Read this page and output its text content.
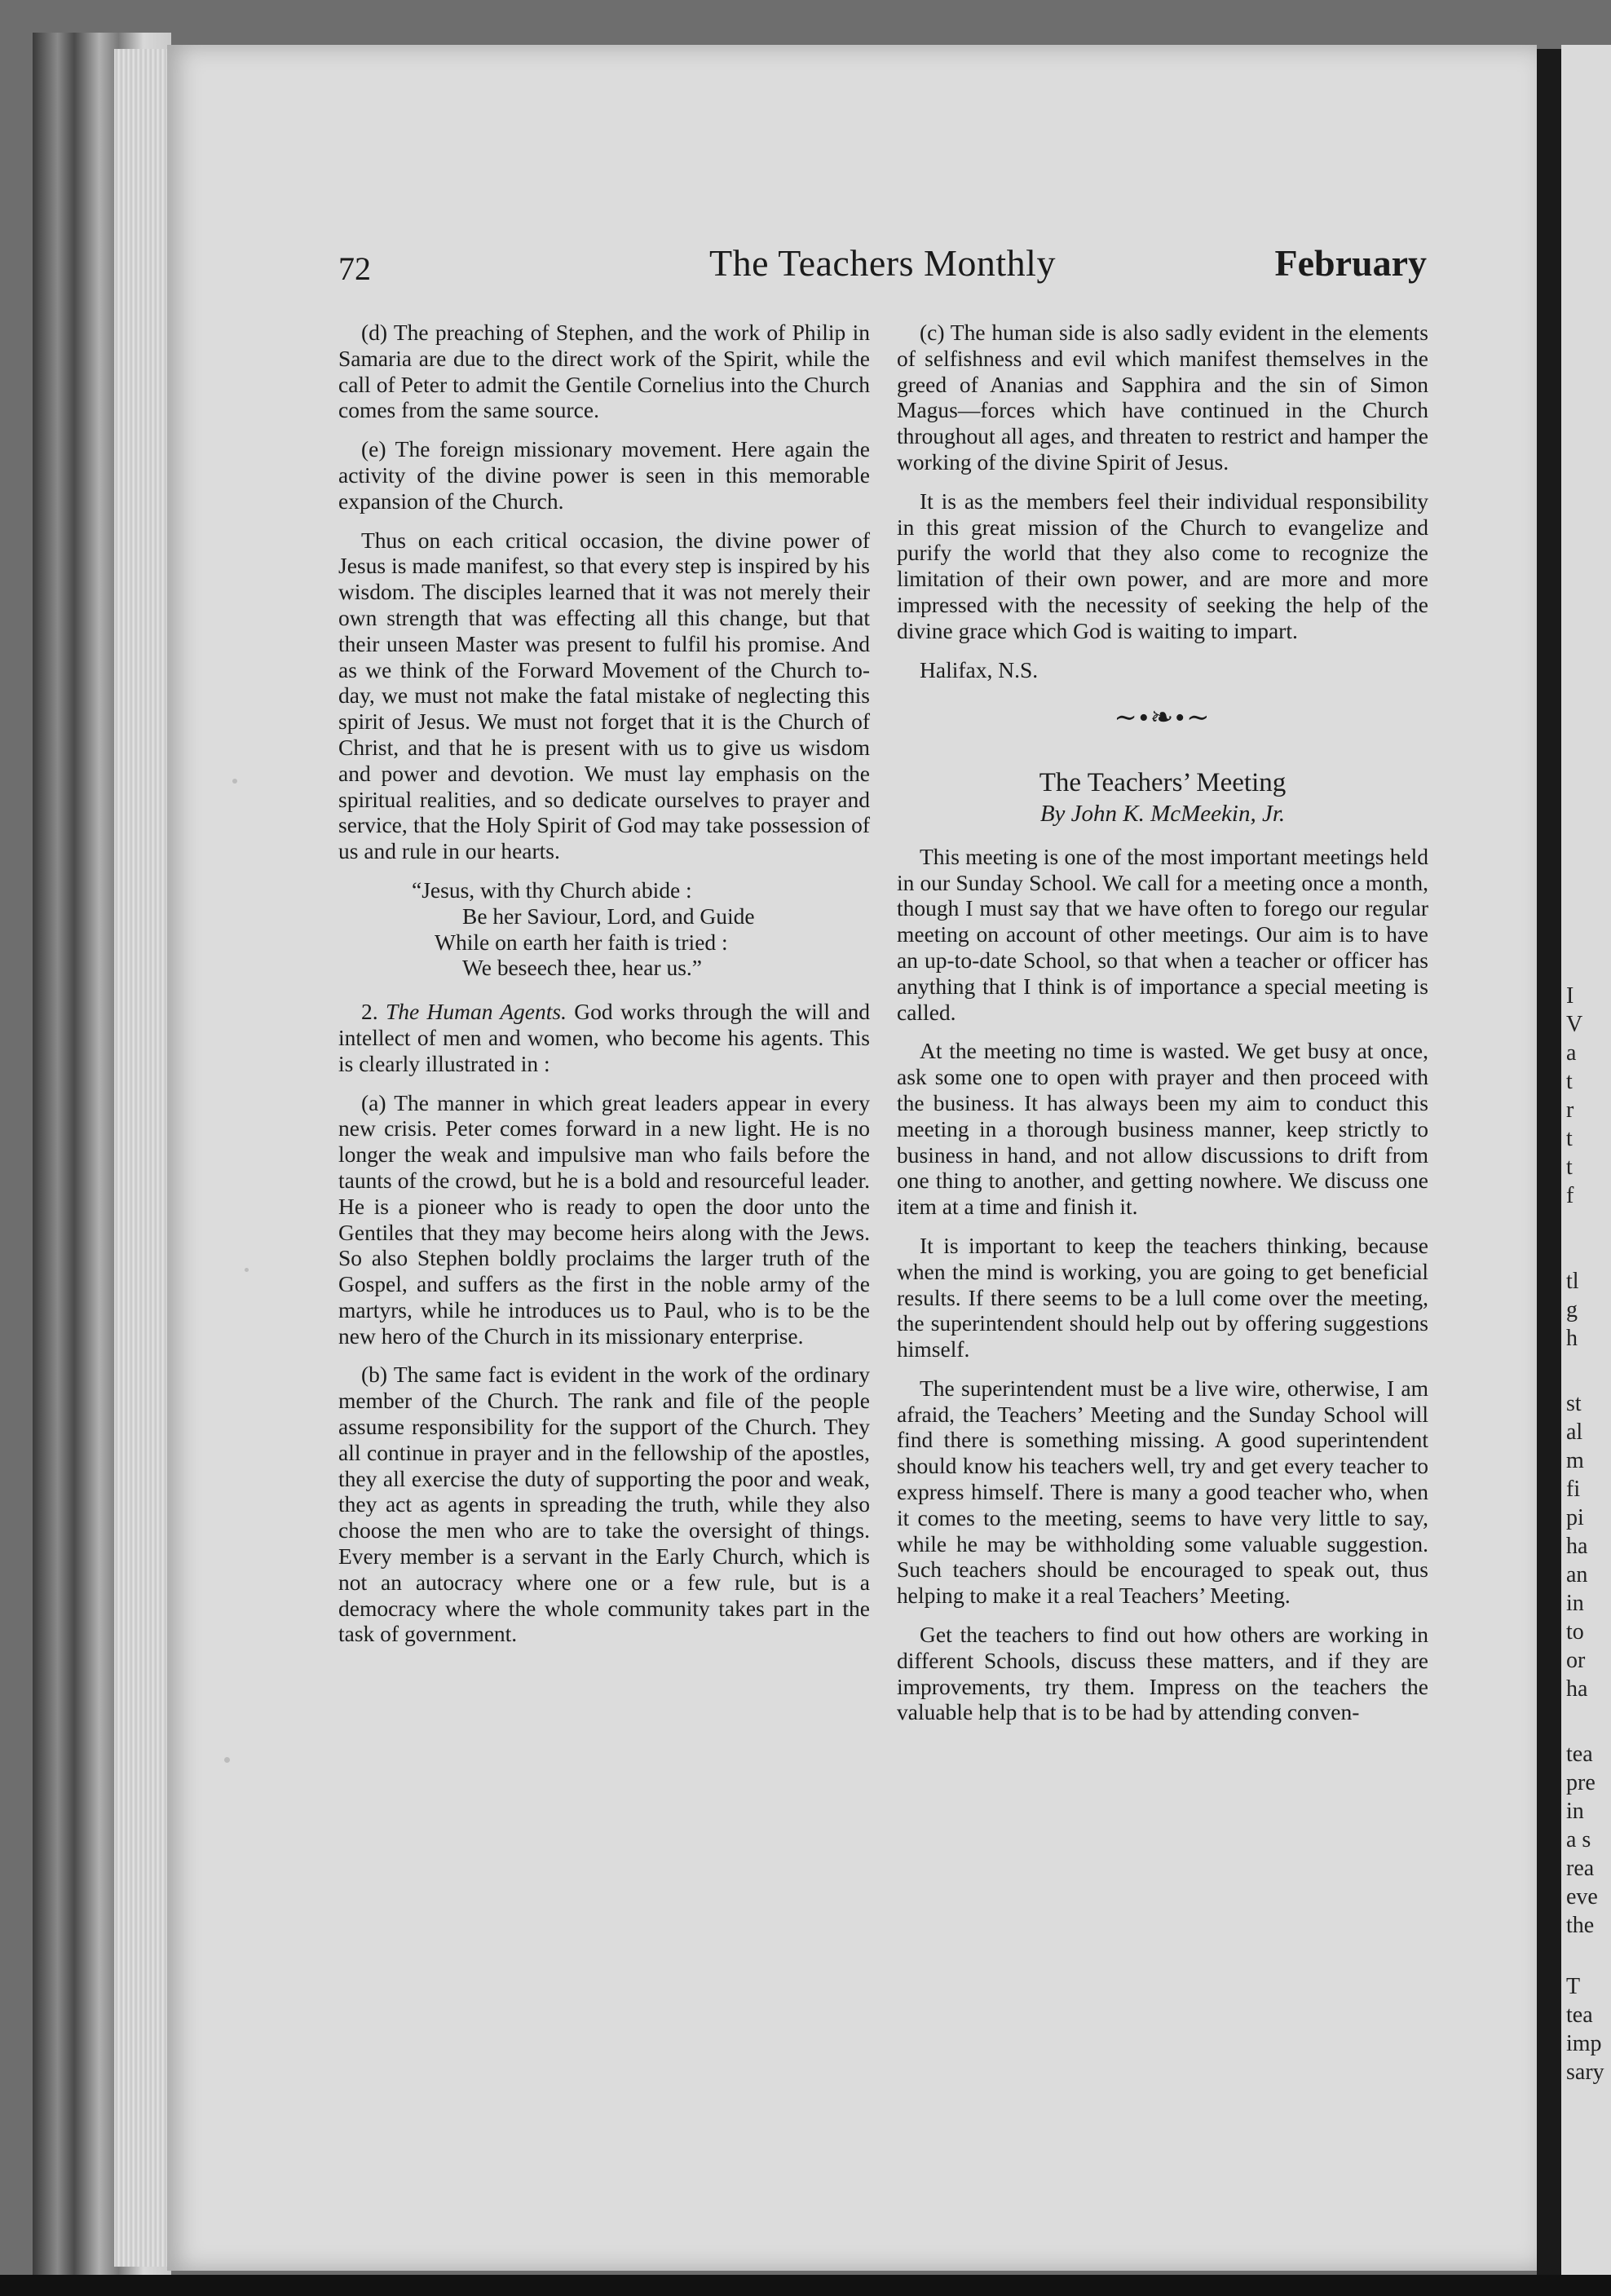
I
V
a
t
r
t
t
f
tl
g
h
st
al
m
fi
pi
ha
an
in
to
or
ha
tea
pre
in
a s
rea
eve
the
T
tea
imp
sary
72	The Teachers Monthly	February

(d) The preaching of Stephen, and the work of Philip in Samaria are due to the direct work of the Spirit, while the call of Peter to admit the Gentile Cornelius into the Church comes from the same source.

(e) The foreign missionary movement. Here again the activity of the divine power is seen in this memorable expansion of the Church.

Thus on each critical occasion, the divine power of Jesus is made manifest, so that every step is inspired by his wisdom. The disciples learned that it was not merely their own strength that was effecting all this change, but that their unseen Master was present to fulfil his promise. And as we think of the Forward Movement of the Church to-day, we must not make the fatal mistake of neglecting this spirit of Jesus. We must not forget that it is the Church of Christ, and that he is present with us to give us wisdom and power and devotion. We must lay emphasis on the spiritual realities, and so dedicate ourselves to prayer and service, that the Holy Spirit of God may take possession of us and rule in our hearts.

“Jesus, with thy Church abide :
Be her Saviour, Lord, and Guide
While on earth her faith is tried :
We beseech thee, hear us.”

2. The Human Agents. God works through the will and intellect of men and women, who become his agents. This is clearly illustrated in :

(a) The manner in which great leaders appear in every new crisis. Peter comes forward in a new light. He is no longer the weak and impulsive man who fails before the taunts of the crowd, but he is a bold and resourceful leader. He is a pioneer who is ready to open the door unto the Gentiles that they may become heirs along with the Jews. So also Stephen boldly proclaims the larger truth of the Gospel, and suffers as the first in the noble army of the martyrs, while he introduces us to Paul, who is to be the new hero of the Church in its missionary enterprise.

(b) The same fact is evident in the work of the ordinary member of the Church. The rank and file of the people assume responsibility for the support of the Church. They all continue in prayer and in the fellowship of the apostles, they all exercise the duty of supporting the poor and weak, they act as agents in spreading the truth, while they also choose the men who are to take the oversight of things. Every member is a servant in the Early Church, which is not an autocracy where one or a few rule, but is a democracy where the whole community takes part in the task of government.

(c) The human side is also sadly evident in the elements of selfishness and evil which manifest themselves in the greed of Ananias and Sapphira and the sin of Simon Magus—forces which have continued in the Church throughout all ages, and threaten to restrict and hamper the working of the divine Spirit of Jesus.

It is as the members feel their individual responsibility in this great mission of the Church to evangelize and purify the world that they also come to recognize the limitation of their own power, and are more and more impressed with the necessity of seeking the help of the divine grace which God is waiting to impart.

Halifax, N.S.
∼•❧•∼
The Teachers’ Meeting
By John K. McMeekin, Jr.

This meeting is one of the most important meetings held in our Sunday School. We call for a meeting once a month, though I must say that we have often to forego our regular meeting on account of other meetings. Our aim is to have an up-to-date School, so that when a teacher or officer has anything that I think is of importance a special meeting is called.

At the meeting no time is wasted. We get busy at once, ask some one to open with prayer and then proceed with the business. It has always been my aim to conduct this meeting in a thorough business manner, keep strictly to business in hand, and not allow discussions to drift from one thing to another, and getting nowhere. We discuss one item at a time and finish it.

It is important to keep the teachers thinking, because when the mind is working, you are going to get beneficial results. If there seems to be a lull come over the meeting, the superintendent should help out by offering suggestions himself.

The superintendent must be a live wire, otherwise, I am afraid, the Teachers’ Meeting and the Sunday School will find there is something missing. A good superintendent should know his teachers well, try and get every teacher to express himself. There is many a good teacher who, when it comes to the meeting, seems to have very little to say, while he may be withholding some valuable suggestion. Such teachers should be encouraged to speak out, thus helping to make it a real Teachers’ Meeting.

Get the teachers to find out how others are working in different Schools, discuss these matters, and if they are improvements, try them. Impress on the teachers the valuable help that is to be had by attending conven-
